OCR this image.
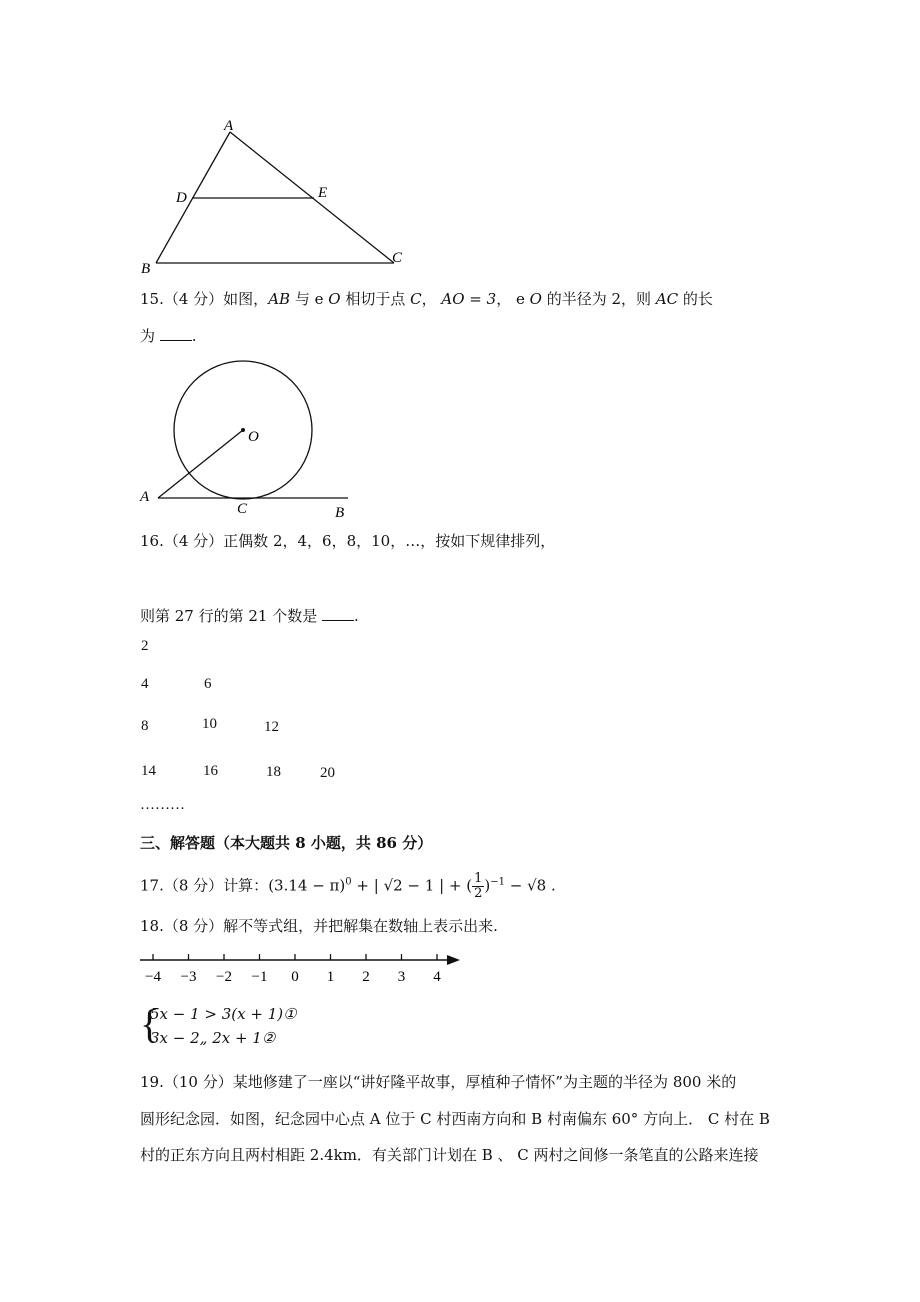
A
D	E
B
C
15.（4 分）如图，AB 与 e O 相切于点 C， AO = 3， e O 的半径为 2，则 AC 的长
为 .
O
A
C	B
16.（4 分）正偶数 2，4，6，8，10，…，按如下规律排列，
则第 27 行的第 21 个数是 .
2
4	6
8	10	12
14	16	18	20
………
三、解答题（本大题共 8 小题，共 86 分）
17.（8 分）计算：$(3.14 - \pi)^0$ + | √2 − 1 | + ( $\frac{1}{2} )^{-1} - √8$ .
18.（8 分）解不等式组，并把解集在数轴上表示出来.
−4 −3 −2 −1 0 1 2 3 4
{
5x − 1 > 3(x + 1)①
3x − 2„ 2x + 1②
19.（10 分）某地修建了一座以“讲好隆平故事，厚植种子情怀”为主题的半径为 800 米的
圆形纪念园．如图，纪念园中心点 A 位于 C 村西南方向和 B 村南偏东 60° 方向上． C 村在 B
村的正东方向且两村相距 2.4km．有关部门计划在 B 、 C 两村之间修一条笔直的公路来连接
